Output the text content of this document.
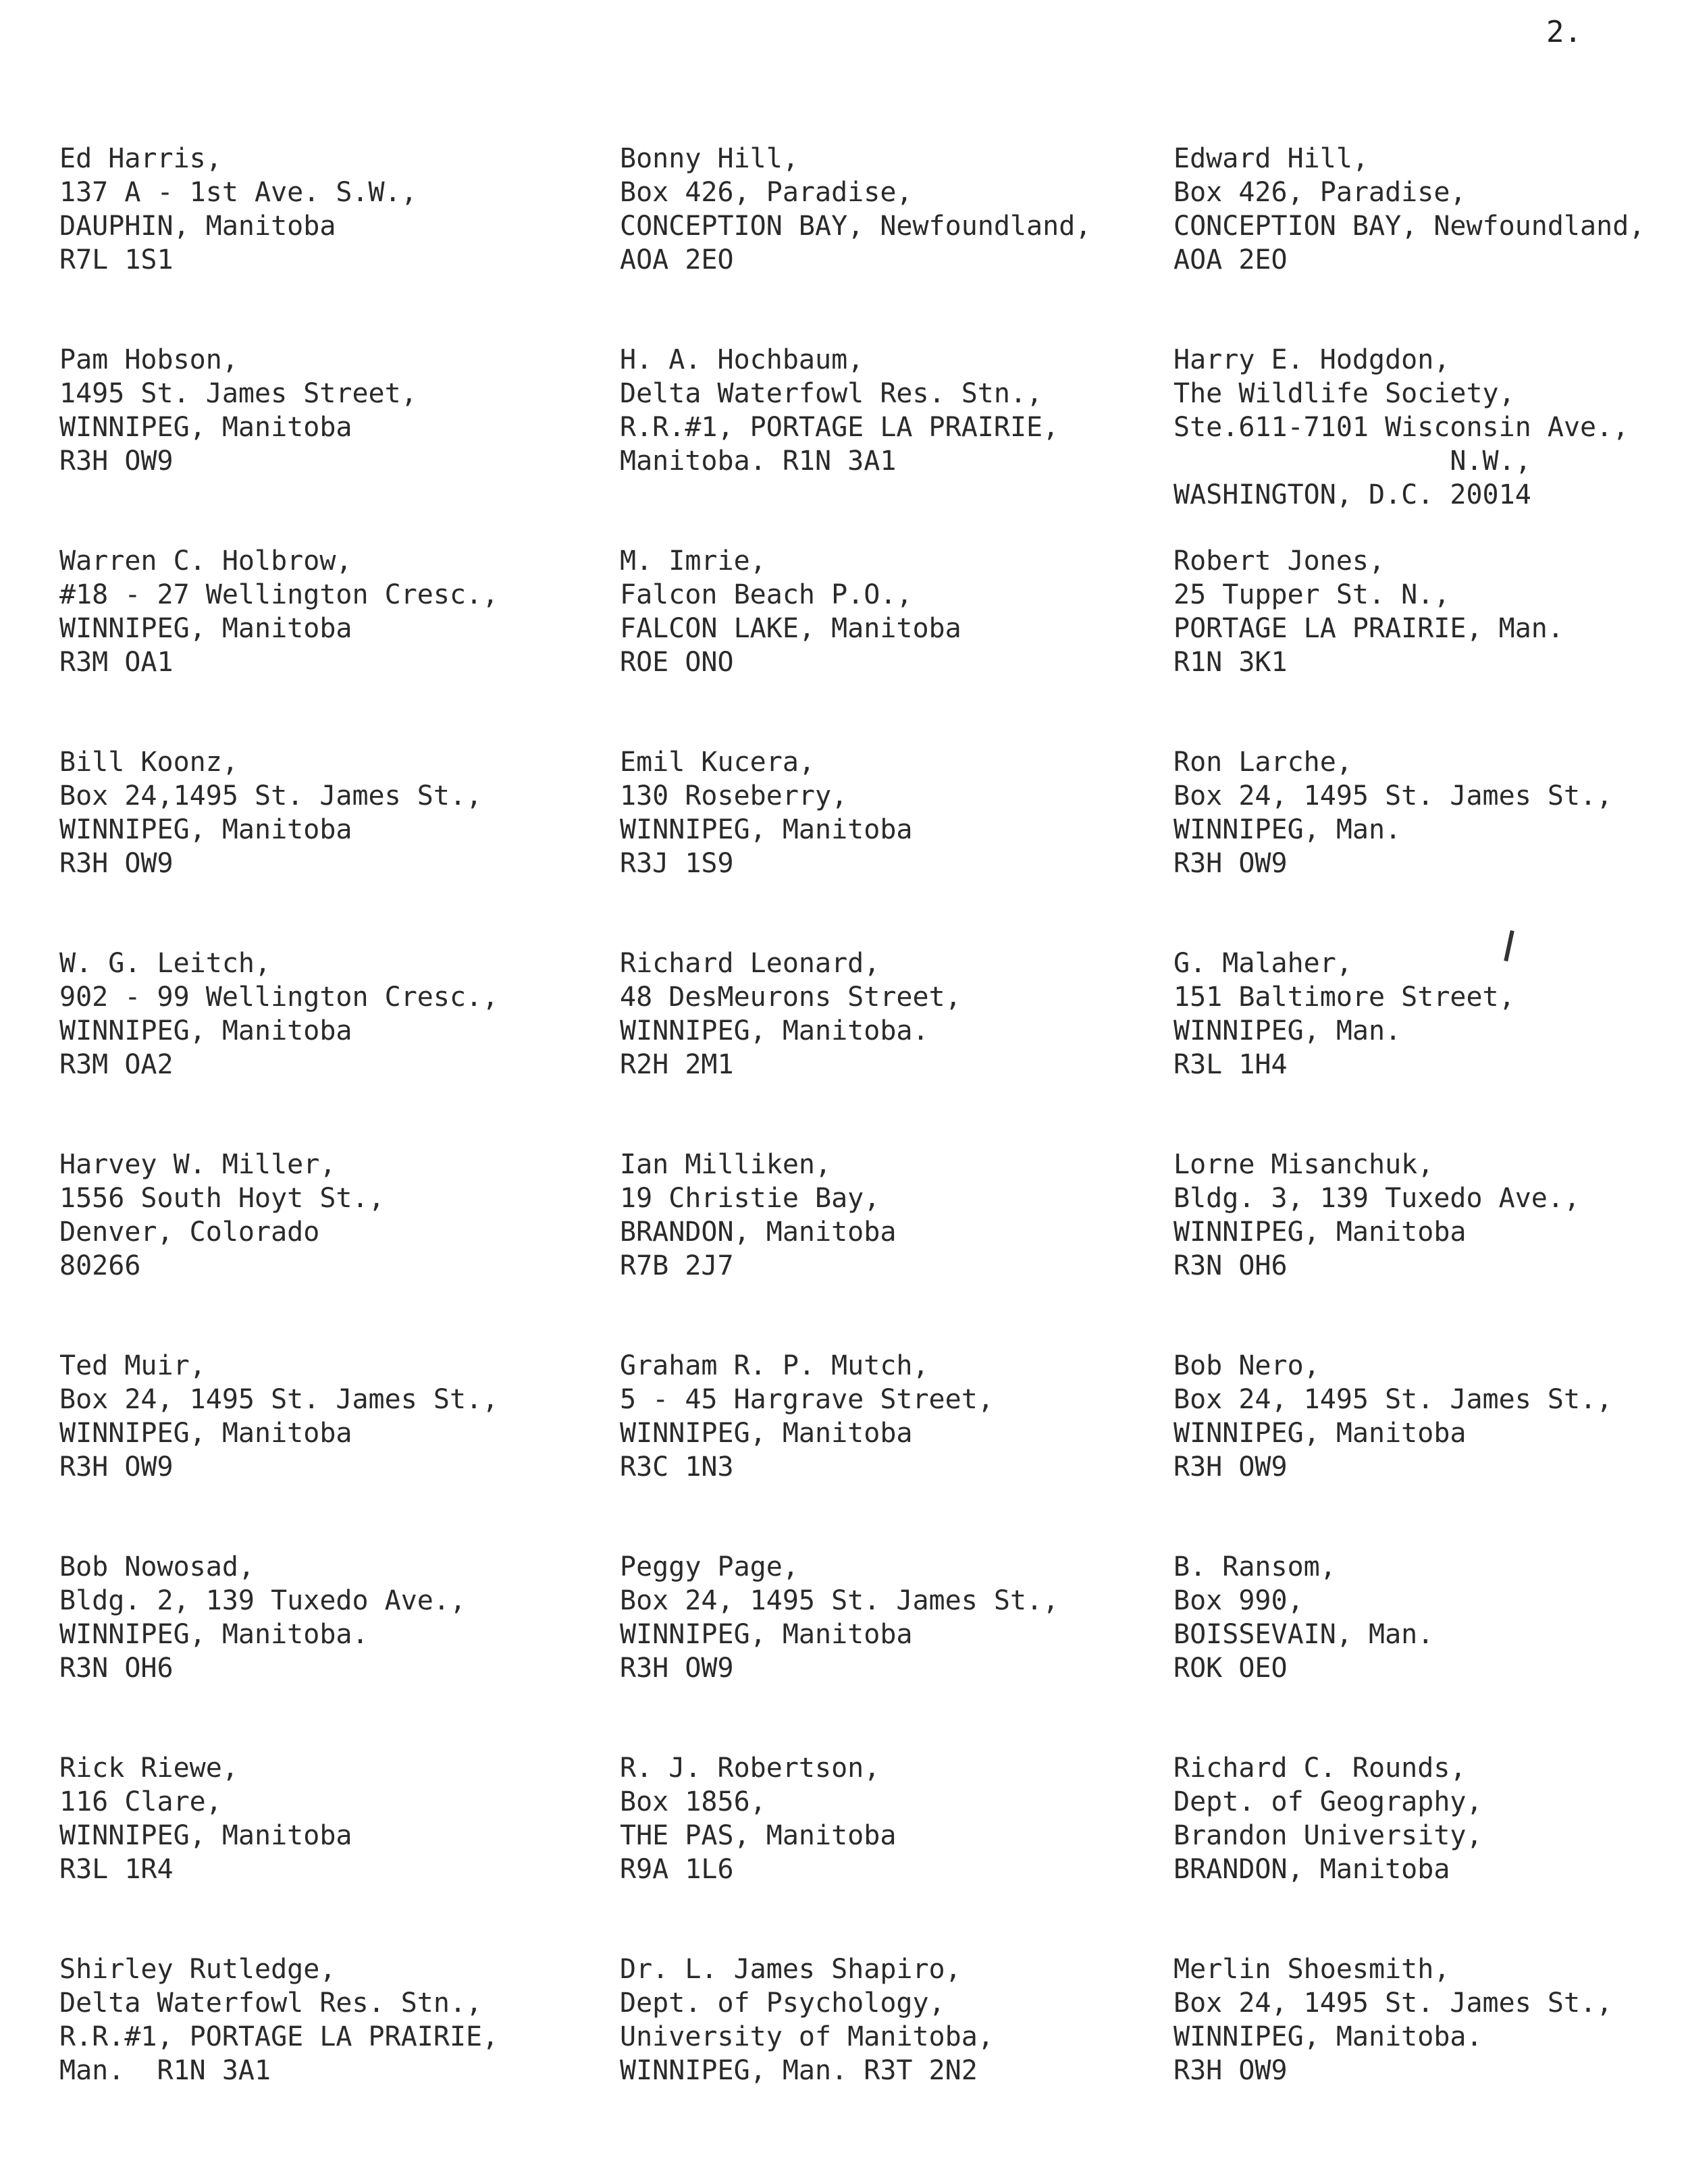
2.
Ed Harris,
137 A - 1st Ave. S.W.,
DAUPHIN, Manitoba
R7L 1S1
Bonny Hill,
Box 426, Paradise,
CONCEPTION BAY, Newfoundland,
AOA 2EO
Edward Hill,
Box 426, Paradise,
CONCEPTION BAY, Newfoundland,
AOA 2EO
Pam Hobson,
1495 St. James Street,
WINNIPEG, Manitoba
R3H OW9
H. A. Hochbaum,
Delta Waterfowl Res. Stn.,
R.R.#1, PORTAGE LA PRAIRIE,
Manitoba. R1N 3A1
Harry E. Hodgdon,
The Wildlife Society,
Ste.611-7101 Wisconsin Ave.,
N.W.,
WASHINGTON, D.C. 20014
Warren C. Holbrow,
#18 - 27 Wellington Cresc.,
WINNIPEG, Manitoba
R3M OA1
M. Imrie,
Falcon Beach P.O.,
FALCON LAKE, Manitoba
ROE ONO
Robert Jones,
25 Tupper St. N.,
PORTAGE LA PRAIRIE, Man.
R1N 3K1
Bill Koonz,
Box 24,1495 St. James St.,
WINNIPEG, Manitoba
R3H OW9
Emil Kucera,
130 Roseberry,
WINNIPEG, Manitoba
R3J 1S9
Ron Larche,
Box 24, 1495 St. James St.,
WINNIPEG, Man.
R3H OW9
W. G. Leitch,
902 - 99 Wellington Cresc.,
WINNIPEG, Manitoba
R3M OA2
Richard Leonard,
48 DesMeurons Street,
WINNIPEG, Manitoba.
R2H 2M1
G. Malaher,
151 Baltimore Street,
WINNIPEG, Man.
R3L 1H4
Harvey W. Miller,
1556 South Hoyt St.,
Denver, Colorado
80266
Ian Milliken,
19 Christie Bay,
BRANDON, Manitoba
R7B 2J7
Lorne Misanchuk,
Bldg. 3, 139 Tuxedo Ave.,
WINNIPEG, Manitoba
R3N OH6
Ted Muir,
Box 24, 1495 St. James St.,
WINNIPEG, Manitoba
R3H OW9
Graham R. P. Mutch,
5 - 45 Hargrave Street,
WINNIPEG, Manitoba
R3C 1N3
Bob Nero,
Box 24, 1495 St. James St.,
WINNIPEG, Manitoba
R3H OW9
Bob Nowosad,
Bldg. 2, 139 Tuxedo Ave.,
WINNIPEG, Manitoba.
R3N OH6
Peggy Page,
Box 24, 1495 St. James St.,
WINNIPEG, Manitoba
R3H OW9
B. Ransom,
Box 990,
BOISSEVAIN, Man.
ROK OEO
Rick Riewe,
116 Clare,
WINNIPEG, Manitoba
R3L 1R4
R. J. Robertson,
Box 1856,
THE PAS, Manitoba
R9A 1L6
Richard C. Rounds,
Dept. of Geography,
Brandon University,
BRANDON, Manitoba
Shirley Rutledge,
Delta Waterfowl Res. Stn.,
R.R.#1, PORTAGE LA PRAIRIE,
Man.  R1N 3A1
Dr. L. James Shapiro,
Dept. of Psychology,
University of Manitoba,
WINNIPEG, Man. R3T 2N2
Merlin Shoesmith,
Box 24, 1495 St. James St.,
WINNIPEG, Manitoba.
R3H OW9
